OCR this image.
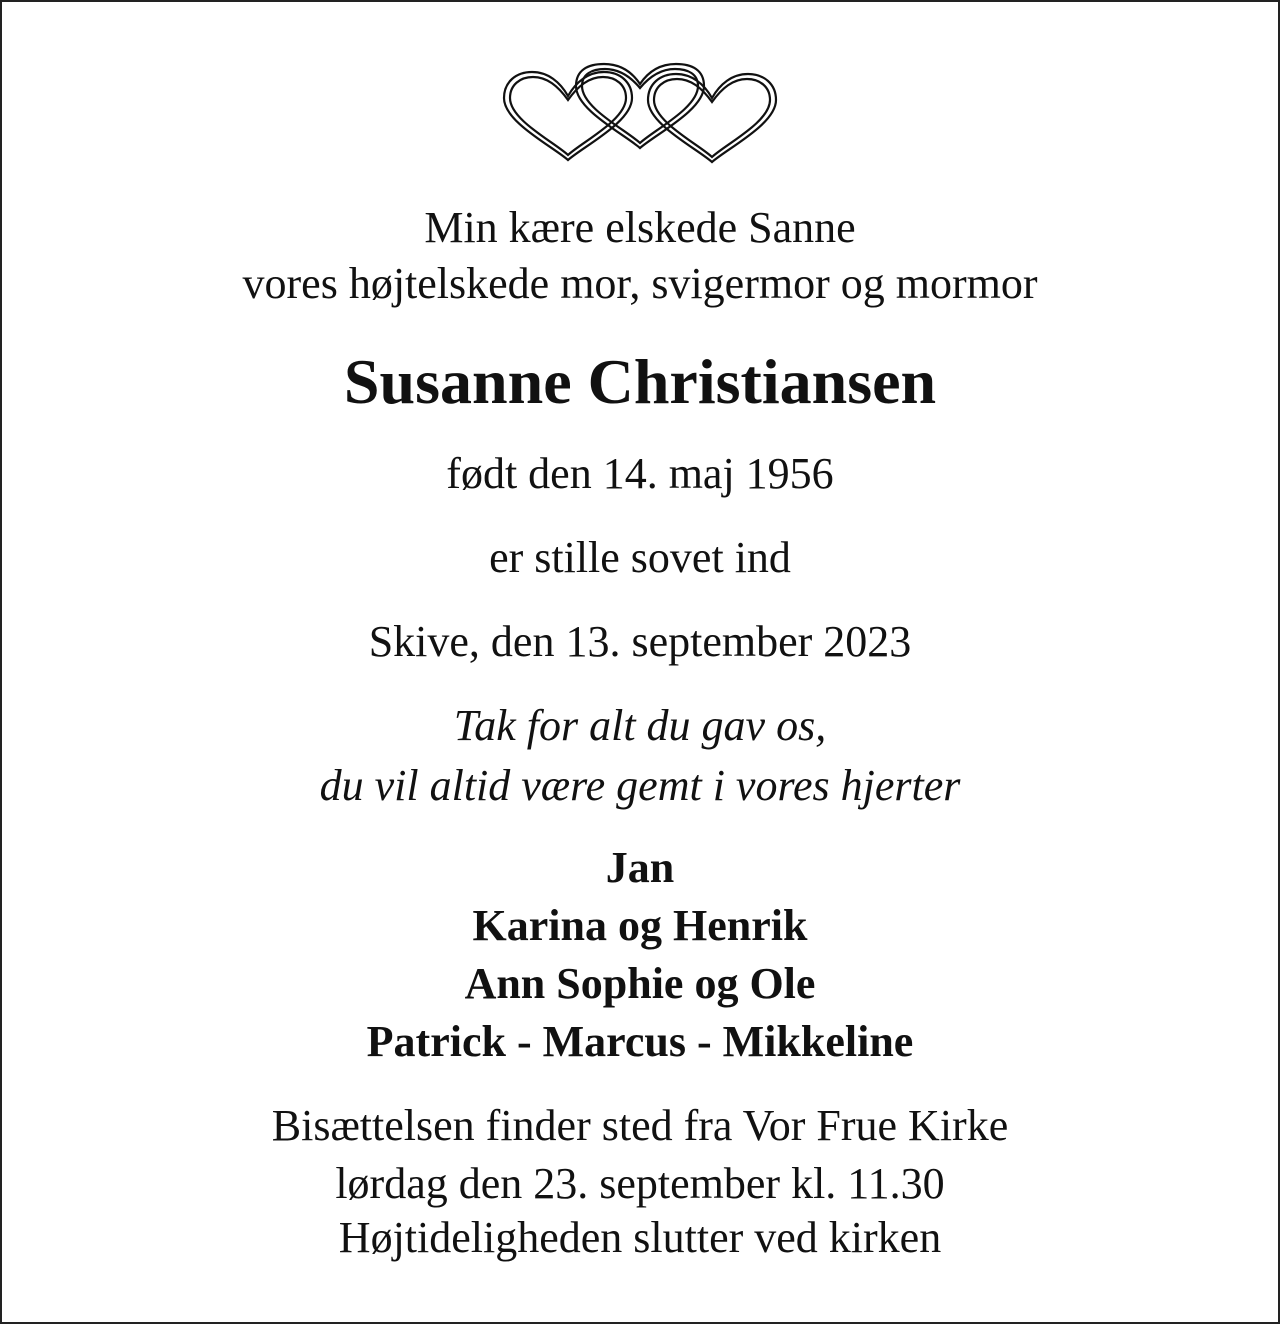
Min kære elskede Sanne

vores højtelskede mor, svigermor og mormor

Susanne Christiansen

født den 14. maj 1956

er stille sovet ind

Skive, den 13. september 2023

Tak for alt du gav os,

du vil altid være gemt i vores hjerter

Jan

Karina og Henrik

Ann Sophie og Ole

Patrick - Marcus - Mikkeline

Bisættelsen finder sted fra Vor Frue Kirke

lørdag den 23. september kl. 11.30

Højtideligheden slutter ved kirken
